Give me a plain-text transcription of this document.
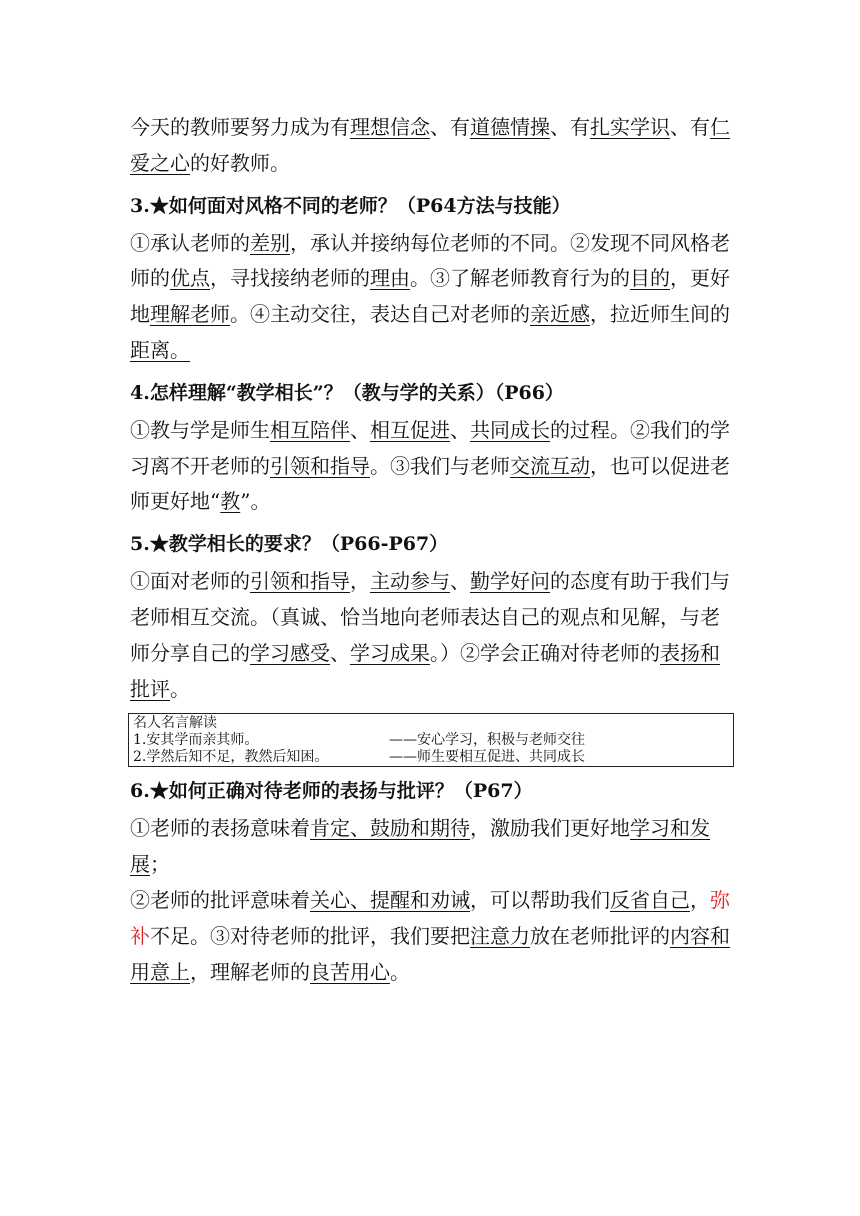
今天的教师要努力成为有理想信念、有道德情操、有扎实学识、有仁

爱之心的好教师。

3.★如何面对风格不同的老师？（P64方法与技能）

①承认老师的差别，承认并接纳每位老师的不同。②发现不同风格老

师的优点，寻找接纳老师的理由。③了解老师教育行为的目的，更好

地理解老师。④主动交往，表达自己对老师的亲近感，拉近师生间的

距离。

4.怎样理解“教学相长”？（教与学的关系）（P66）

①教与学是师生相互陪伴、相互促进、共同成长的过程。②我们的学

习离不开老师的引领和指导。③我们与老师交流互动，也可以促进老

师更好地“教”。

5.★教学相长的要求？（P66-P67）

①面对老师的引领和指导，主动参与、勤学好问的态度有助于我们与

老师相互交流。（真诚、恰当地向老师表达自己的观点和见解，与老

师分享自己的学习感受、学习成果。）②学会正确对待老师的表扬和

批评。

名人名言解读
1.安其学而亲其师。	——安心学习，积极与老师交往
2.学然后知不足，教然后知困。	——师生要相互促进、共同成长

6.★如何正确对待老师的表扬与批评？（P67）

①老师的表扬意味着肯定、鼓励和期待，激励我们更好地学习和发展；

②老师的批评意味着关心、提醒和劝诫，可以帮助我们反省自己，弥

补不足。③对待老师的批评，我们要把注意力放在老师批评的内容和

用意上，理解老师的良苦用心。
